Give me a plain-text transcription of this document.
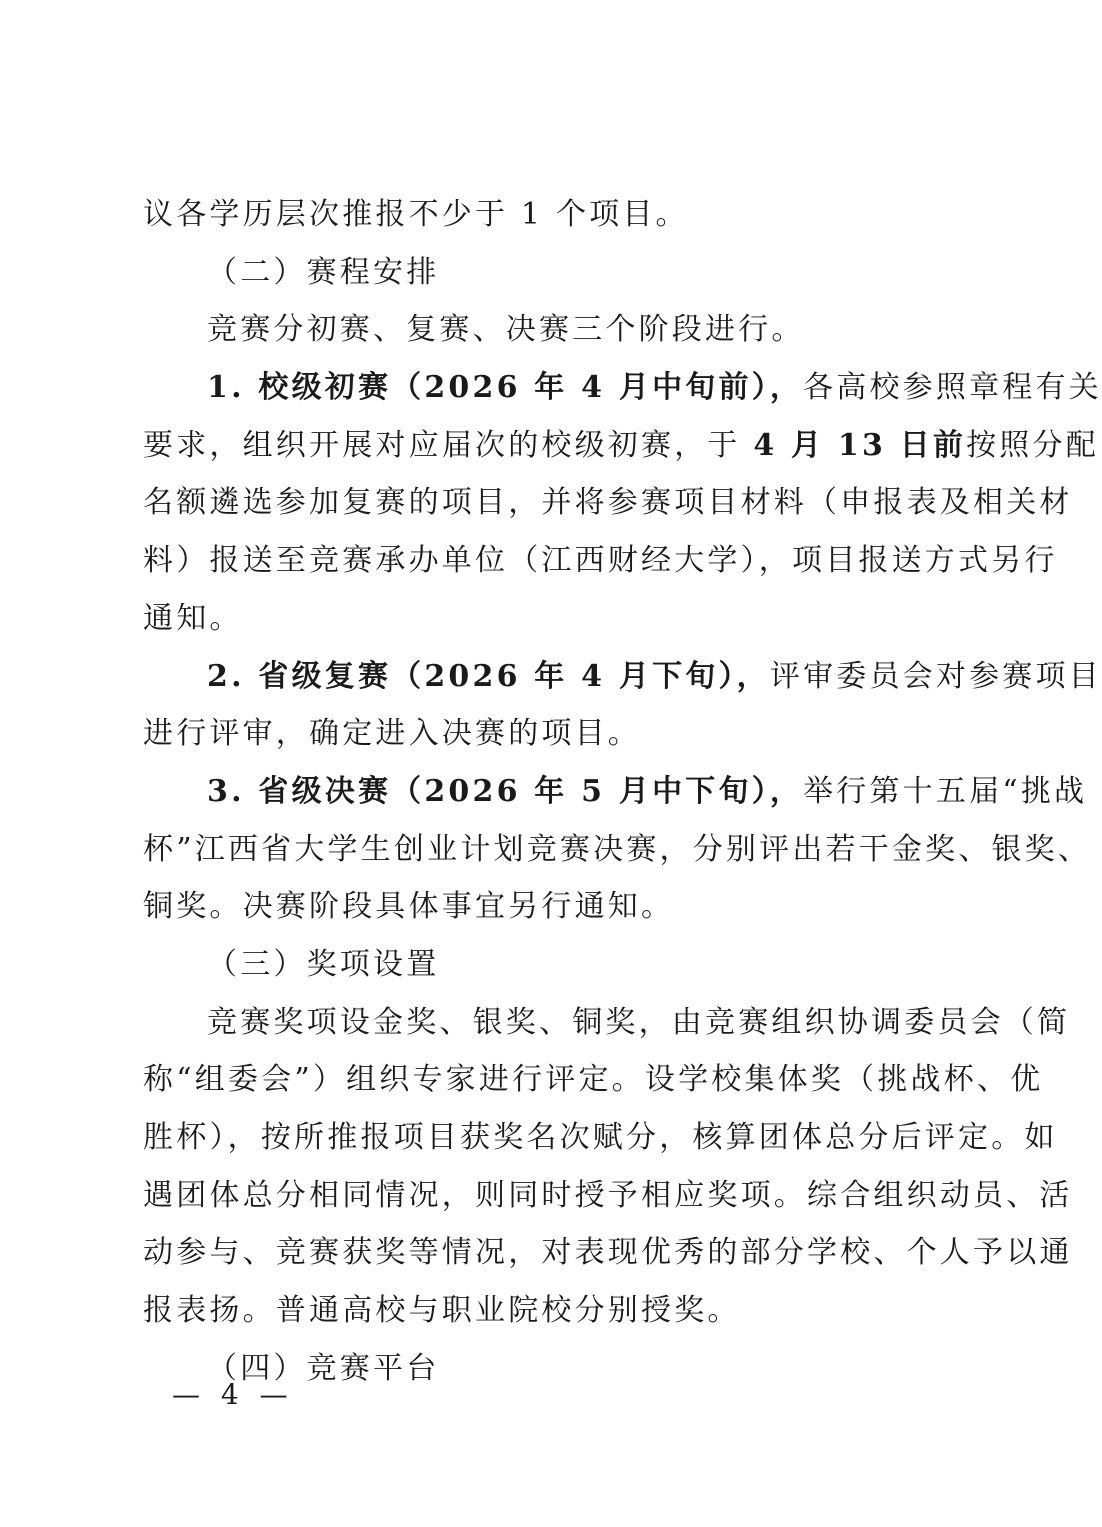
议各学历层次推报不少于 1 个项目。
（二）赛程安排
竞赛分初赛、复赛、决赛三个阶段进行。
1. 校级初赛（2026 年 4 月中旬前），各高校参照章程有关
要求，组织开展对应届次的校级初赛，于 4 月 13 日前按照分配
名额遴选参加复赛的项目，并将参赛项目材料（申报表及相关材
料）报送至竞赛承办单位（江西财经大学），项目报送方式另行
通知。
2. 省级复赛（2026 年 4 月下旬），评审委员会对参赛项目
进行评审，确定进入决赛的项目。
3. 省级决赛（2026 年 5 月中下旬），举行第十五届“挑战
杯”江西省大学生创业计划竞赛决赛，分别评出若干金奖、银奖、
铜奖。决赛阶段具体事宜另行通知。
（三）奖项设置
竞赛奖项设金奖、银奖、铜奖，由竞赛组织协调委员会（简
称“组委会”）组织专家进行评定。设学校集体奖（挑战杯、优
胜杯），按所推报项目获奖名次赋分，核算团体总分后评定。如
遇团体总分相同情况，则同时授予相应奖项。综合组织动员、活
动参与、竞赛获奖等情况，对表现优秀的部分学校、个人予以通
报表扬。普通高校与职业院校分别授奖。
（四）竞赛平台
— 4 —
